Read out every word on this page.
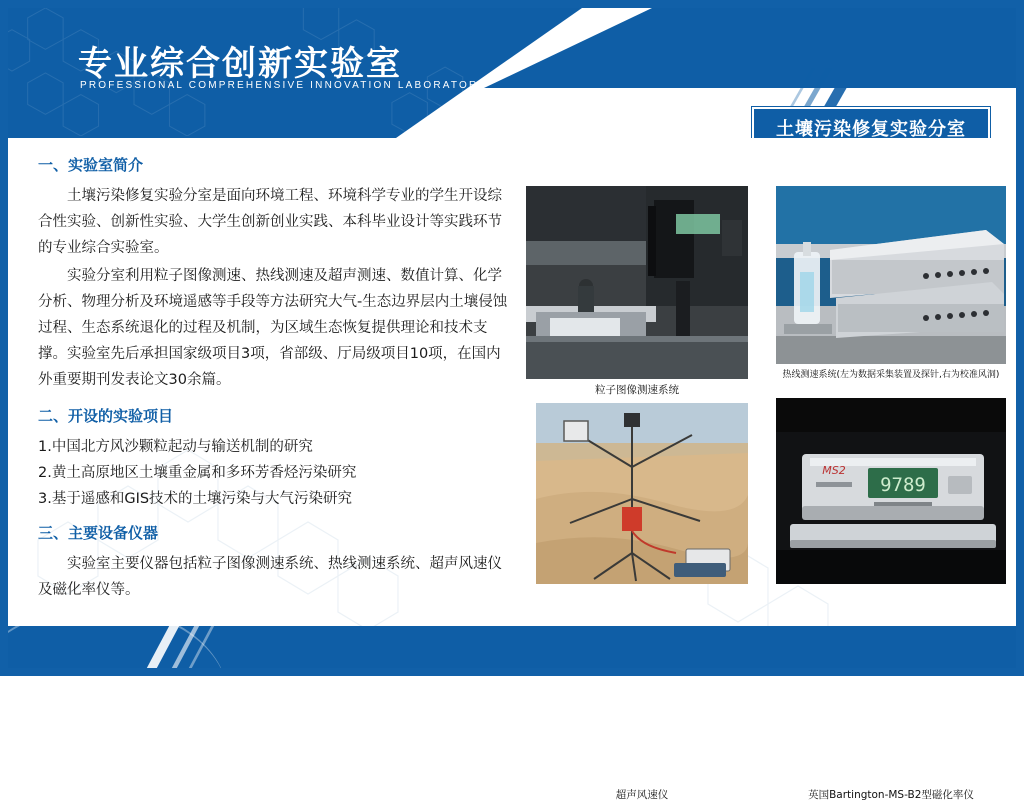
专业综合创新实验室
PROFESSIONAL COMPREHENSIVE INNOVATION LABORATORY
土壤污染修复实验分室
一、实验室简介

土壤污染修复实验分室是面向环境工程、环境科学专业的学生开设综合性实验、创新性实验、大学生创新创业实践、本科毕业设计等实践环节的专业综合实验室。

实验分室利用粒子图像测速、热线测速及超声测速、数值计算、化学分析、物理分析及环境遥感等手段等方法研究大气-生态边界层内土壤侵蚀过程、生态系统退化的过程及机制，为区域生态恢复提供理论和技术支撑。实验室先后承担国家级项目3项，省部级、厅局级项目10项，在国内外重要期刊发表论文30余篇。

二、开设的实验项目

1.中国北方风沙颗粒起动与输送机制的研究

2.黄土高原地区土壤重金属和多环芳香烃污染研究

3.基于遥感和GIS技术的土壤污染与大气污染研究

三、主要设备仪器

实验室主要仪器包括粒子图像测速系统、热线测速系统、超声风速仪及磁化率仪等。

粒子图像测速系统
热线测速系统(左为数据采集装置及探针,右为校准风洞)
超声风速仪
9789
MS2
英国Bartington-MS-B2型磁化率仪
